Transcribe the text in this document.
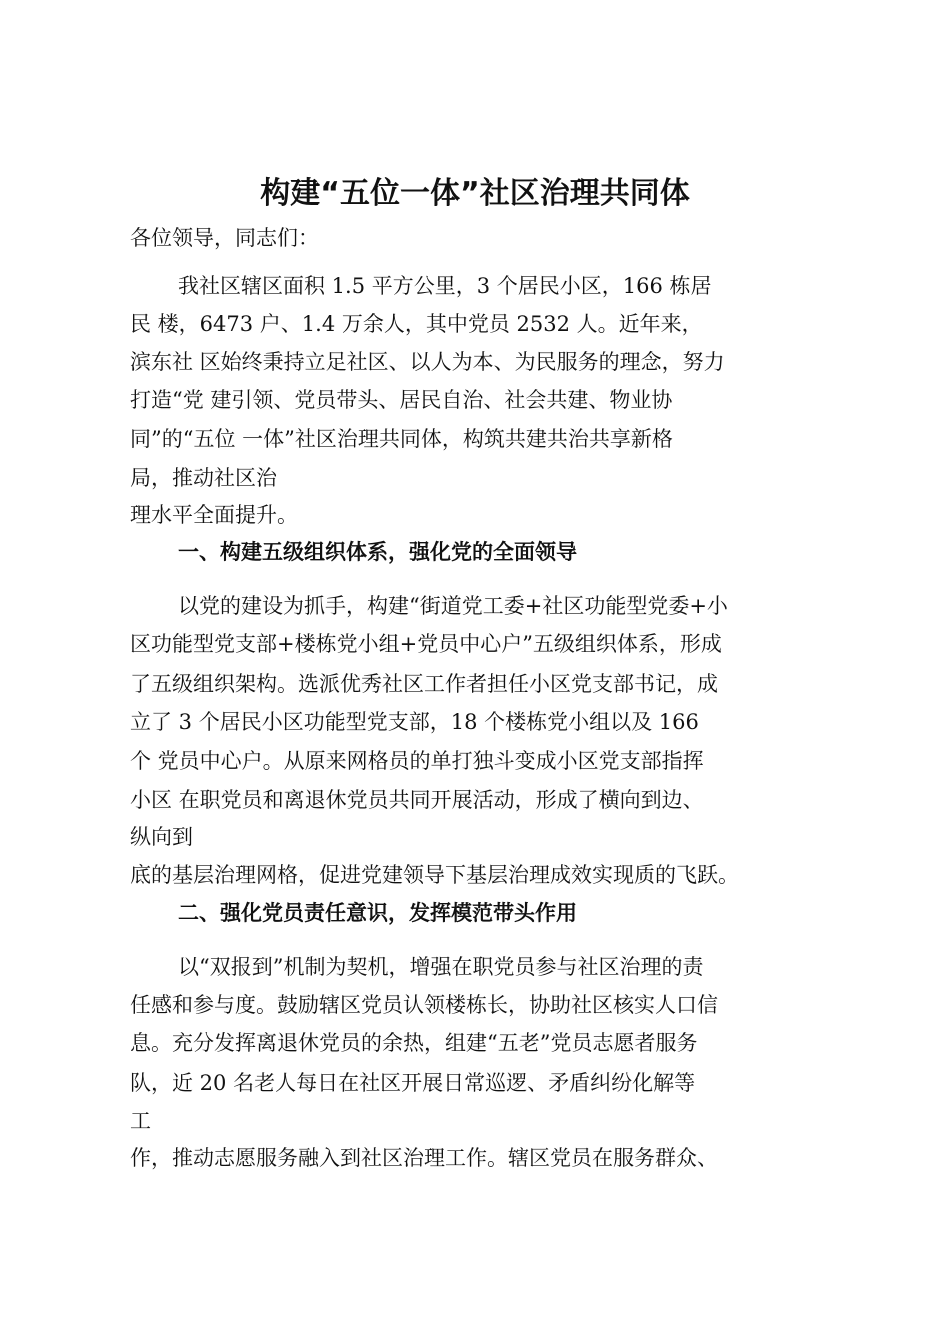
构建“五位一体”社区治理共同体
各位领导，同志们：
我社区辖区面积 1.5 平方公里，3 个居民小区，166 栋居
民 楼，6473 户、1.4 万余人，其中党员 2532 人。近年来，
滨东社 区始终秉持立足社区、以人为本、为民服务的理念，努力
打造“党 建引领、党员带头、居民自治、社会共建、物业协
同”的“五位 一体”社区治理共同体，构筑共建共治共享新格
局，推动社区治
理水平全面提升。
一、构建五级组织体系，强化党的全面领导
以党的建设为抓手，构建“街道党工委+社区功能型党委+小
区功能型党支部+楼栋党小组+党员中心户”五级组织体系，形成
了五级组织架构。选派优秀社区工作者担任小区党支部书记，成
立了 3 个居民小区功能型党支部，18 个楼栋党小组以及 166
个 党员中心户。从原来网格员的单打独斗变成小区党支部指挥
小区 在职党员和离退休党员共同开展活动，形成了横向到边、
纵向到
底的基层治理网格，促进党建领导下基层治理成效实现质的飞跃。
二、强化党员责任意识，发挥模范带头作用
以“双报到”机制为契机，增强在职党员参与社区治理的责
任感和参与度。鼓励辖区党员认领楼栋长，协助社区核实人口信
息。充分发挥离退休党员的余热，组建“五老”党员志愿者服务
队，近 20 名老人每日在社区开展日常巡逻、矛盾纠纷化解等
工
作，推动志愿服务融入到社区治理工作。辖区党员在服务群众、
